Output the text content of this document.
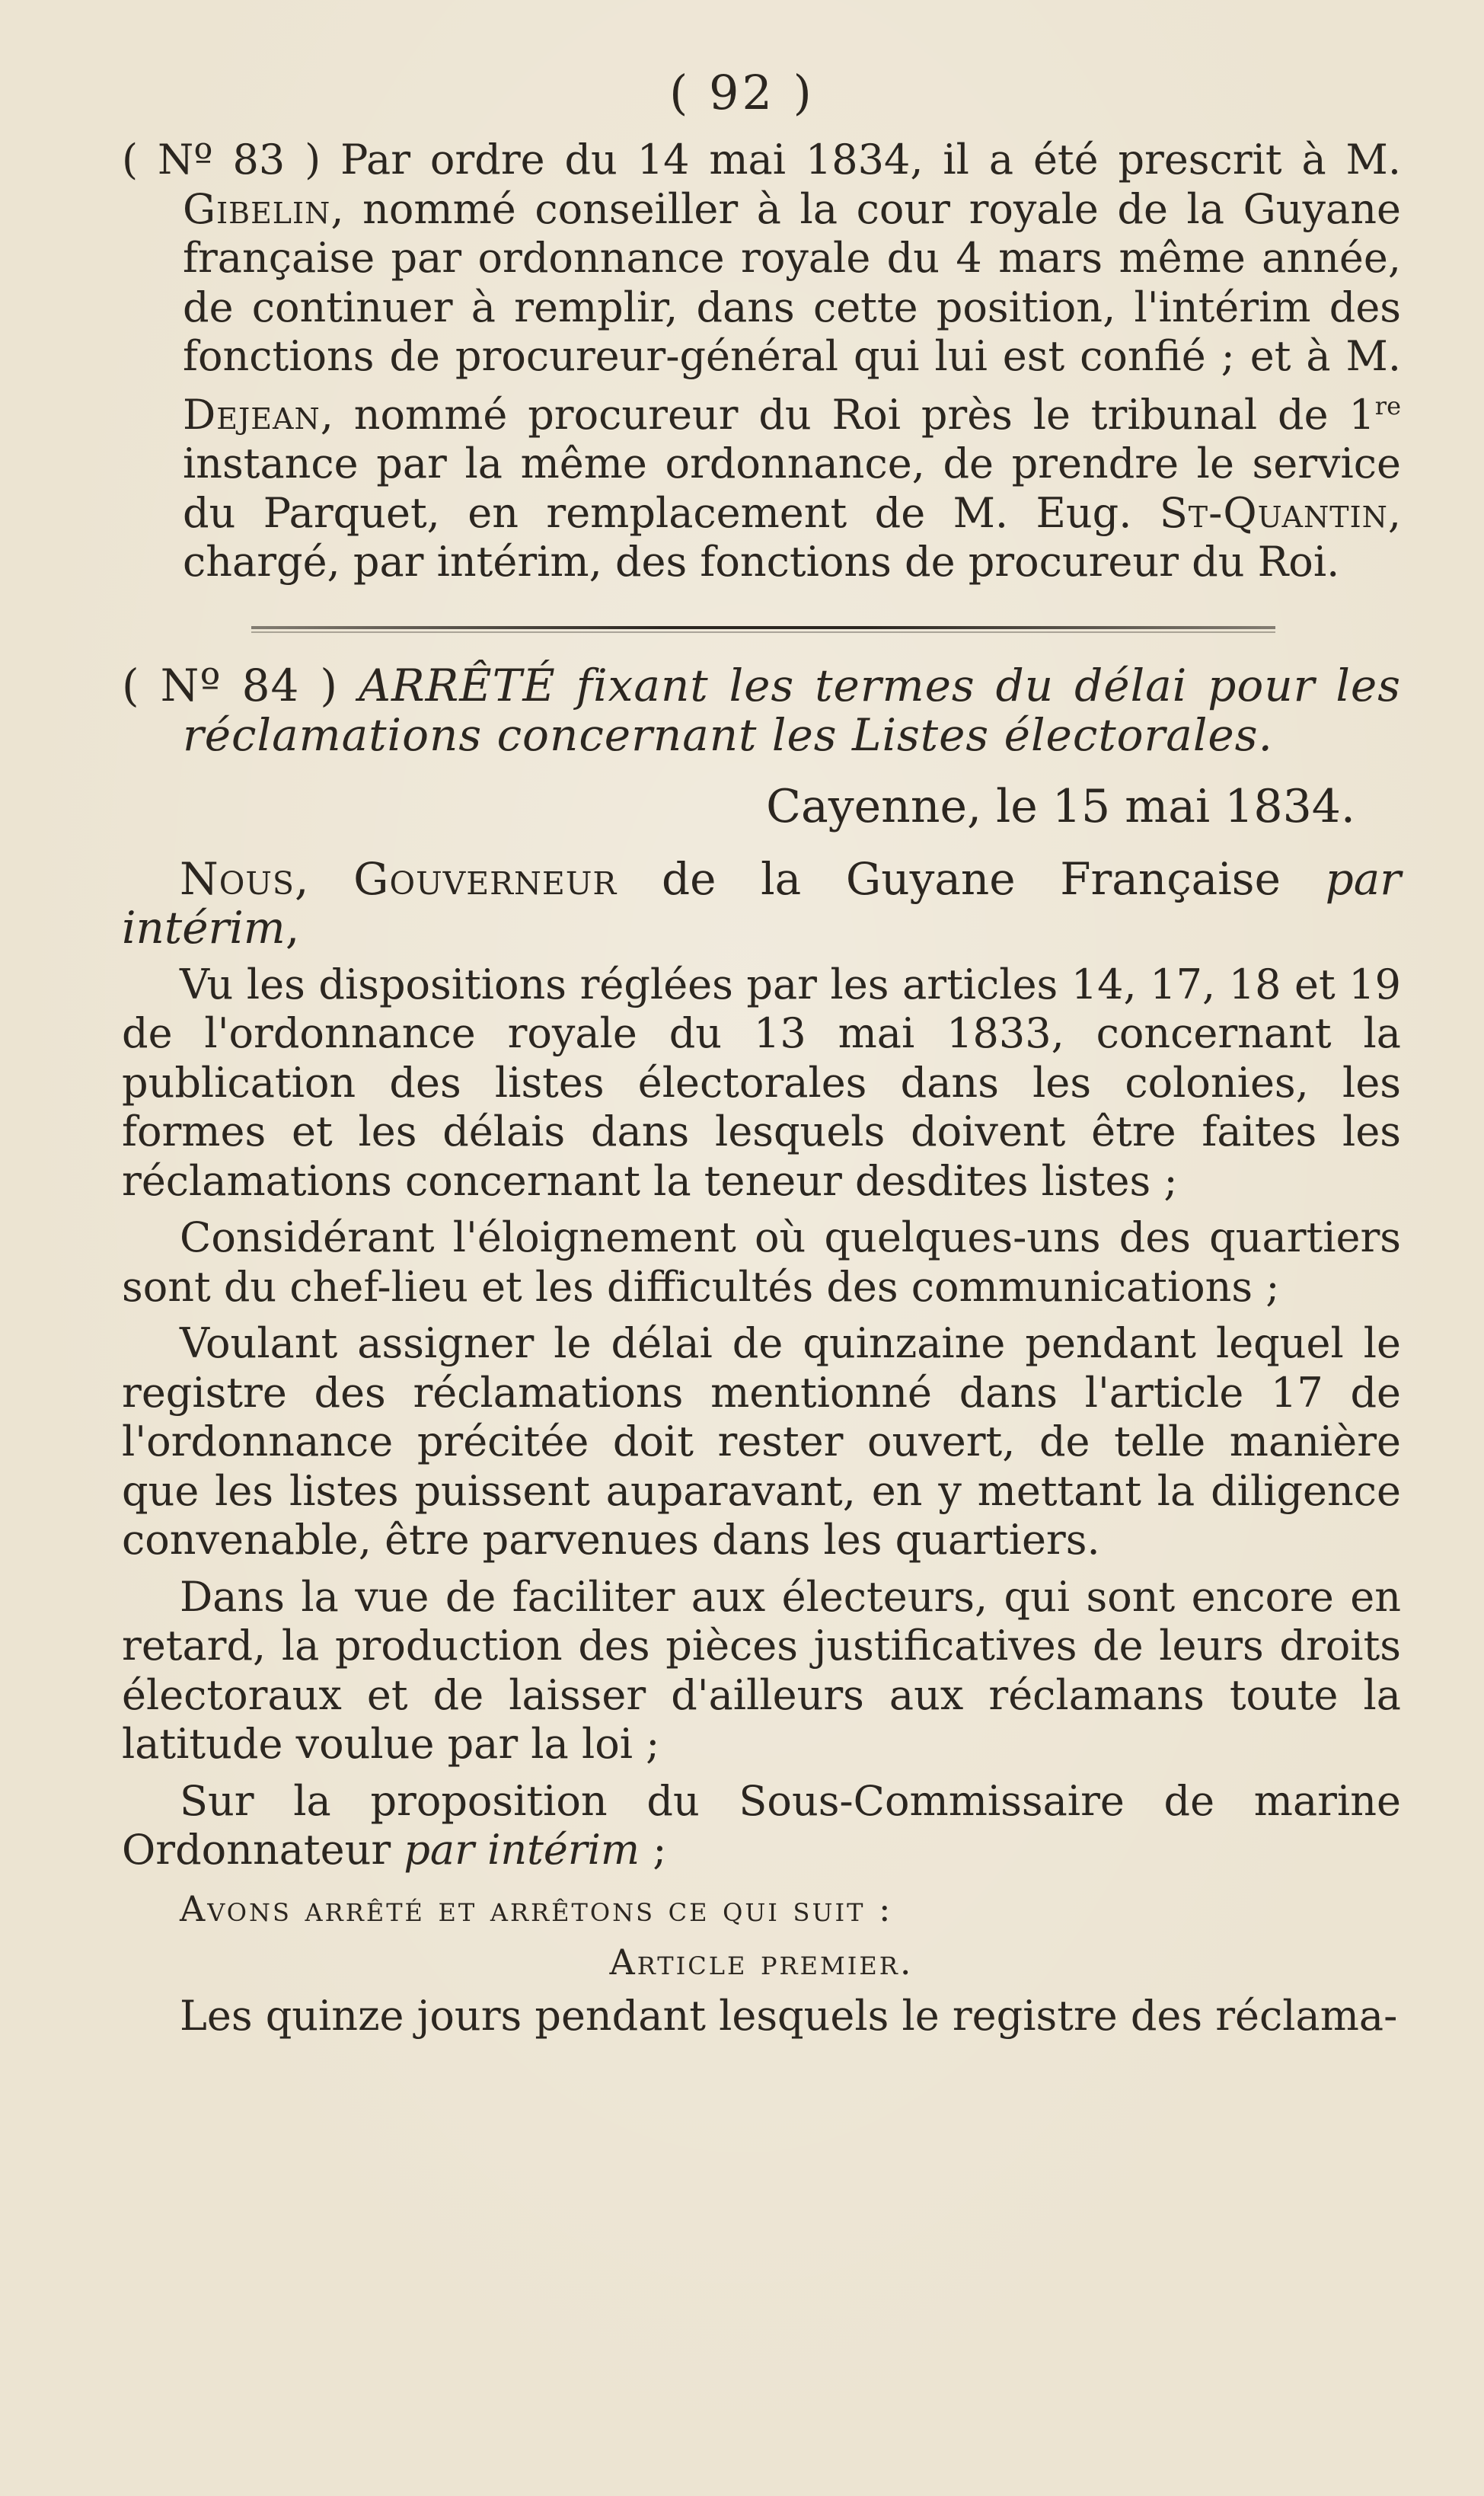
( 92 )

( Nº 83 ) Par ordre du 14 mai 1834, il a été prescrit à M. Gibelin, nommé conseiller à la cour royale de la Guyane française par ordonnance royale du 4 mars même année, de continuer à remplir, dans cette position, l'intérim des fonctions de procureur-général qui lui est confié ; et à M. Dejean, nommé procureur du Roi près le tribunal de 1re instance par la même ordonnance, de prendre le service du Parquet, en remplacement de M. Eug. St-Quantin, chargé, par intérim, des fonctions de procureur du Roi.

( Nº 84 ) ARRÊTÉ fixant les termes du délai pour les réclamations concernant les Listes électorales.

Cayenne, le 15 mai 1834.

Nous, Gouverneur de la Guyane Française par intérim,

Vu les dispositions réglées par les articles 14, 17, 18 et 19 de l'ordonnance royale du 13 mai 1833, concernant la publication des listes électorales dans les colonies, les formes et les délais dans lesquels doivent être faites les réclamations concernant la teneur desdites listes ;

Considérant l'éloignement où quelques-uns des quartiers sont du chef-lieu et les difficultés des communications ;

Voulant assigner le délai de quinzaine pendant lequel le registre des réclamations mentionné dans l'article 17 de l'ordonnance précitée doit rester ouvert, de telle manière que les listes puissent auparavant, en y mettant la diligence convenable, être parvenues dans les quartiers.

Dans la vue de faciliter aux électeurs, qui sont encore en retard, la production des pièces justificatives de leurs droits électoraux et de laisser d'ailleurs aux réclamans toute la latitude voulue par la loi ;

Sur la proposition du Sous-Commissaire de marine Ordonnateur par intérim ;

Avons arrêté et arrêtons ce qui suit :

Article premier.

Les quinze jours pendant lesquels le registre des réclama-
